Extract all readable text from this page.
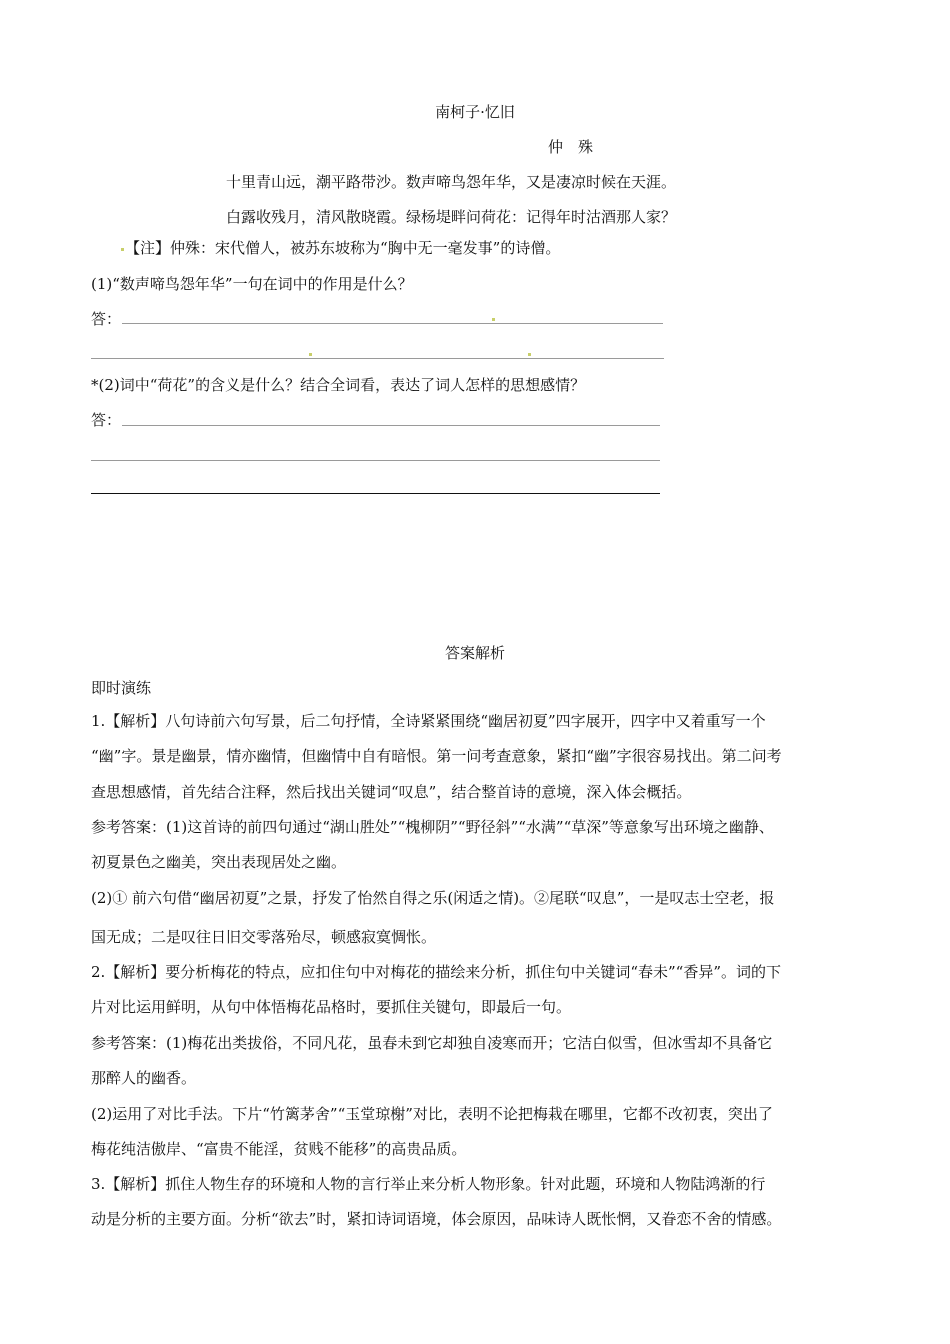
南柯子·忆旧
仲　殊
十里青山远，潮平路带沙。数声啼鸟怨年华，又是凄凉时候在天涯。
白露收残月，清风散晓霞。绿杨堤畔问荷花：记得年时沽酒那人家？
【注】仲殊：宋代僧人，被苏东坡称为“胸中无一毫发事”的诗僧。
(1)“数声啼鸟怨年华”一句在词中的作用是什么？
答：
*(2)词中“荷花”的含义是什么？结合全词看，表达了词人怎样的思想感情？
答：
答案解析
即时演练
1.【解析】八句诗前六句写景，后二句抒情，全诗紧紧围绕“幽居初夏”四字展开，四字中又着重写一个
“幽”字。景是幽景，情亦幽情，但幽情中自有暗恨。第一问考查意象，紧扣“幽”字很容易找出。第二问考
查思想感情，首先结合注释，然后找出关键词“叹息”，结合整首诗的意境，深入体会概括。
参考答案：(1)这首诗的前四句通过“湖山胜处”“槐柳阴”“野径斜”“水满”“草深”等意象写出环境之幽静、
初夏景色之幽美，突出表现居处之幽。
(2)① 前六句借“幽居初夏”之景，抒发了怡然自得之乐(闲适之情)。②尾联“叹息”，一是叹志士空老，报
国无成；二是叹往日旧交零落殆尽，顿感寂寞惆怅。
2.【解析】要分析梅花的特点，应扣住句中对梅花的描绘来分析，抓住句中关键词“春未”“香异”。词的下
片对比运用鲜明，从句中体悟梅花品格时，要抓住关键句，即最后一句。
参考答案：(1)梅花出类拔俗，不同凡花，虽春未到它却独自凌寒而开；它洁白似雪，但冰雪却不具备它
那醉人的幽香。
(2)运用了对比手法。下片“竹篱茅舍”“玉堂琼榭”对比，表明不论把梅栽在哪里，它都不改初衷，突出了
梅花纯洁傲岸、“富贵不能淫，贫贱不能移”的高贵品质。
3.【解析】抓住人物生存的环境和人物的言行举止来分析人物形象。针对此题，环境和人物陆鸿渐的行
动是分析的主要方面。分析“欲去”时，紧扣诗词语境，体会原因，品味诗人既怅惘，又眷恋不舍的情感。
